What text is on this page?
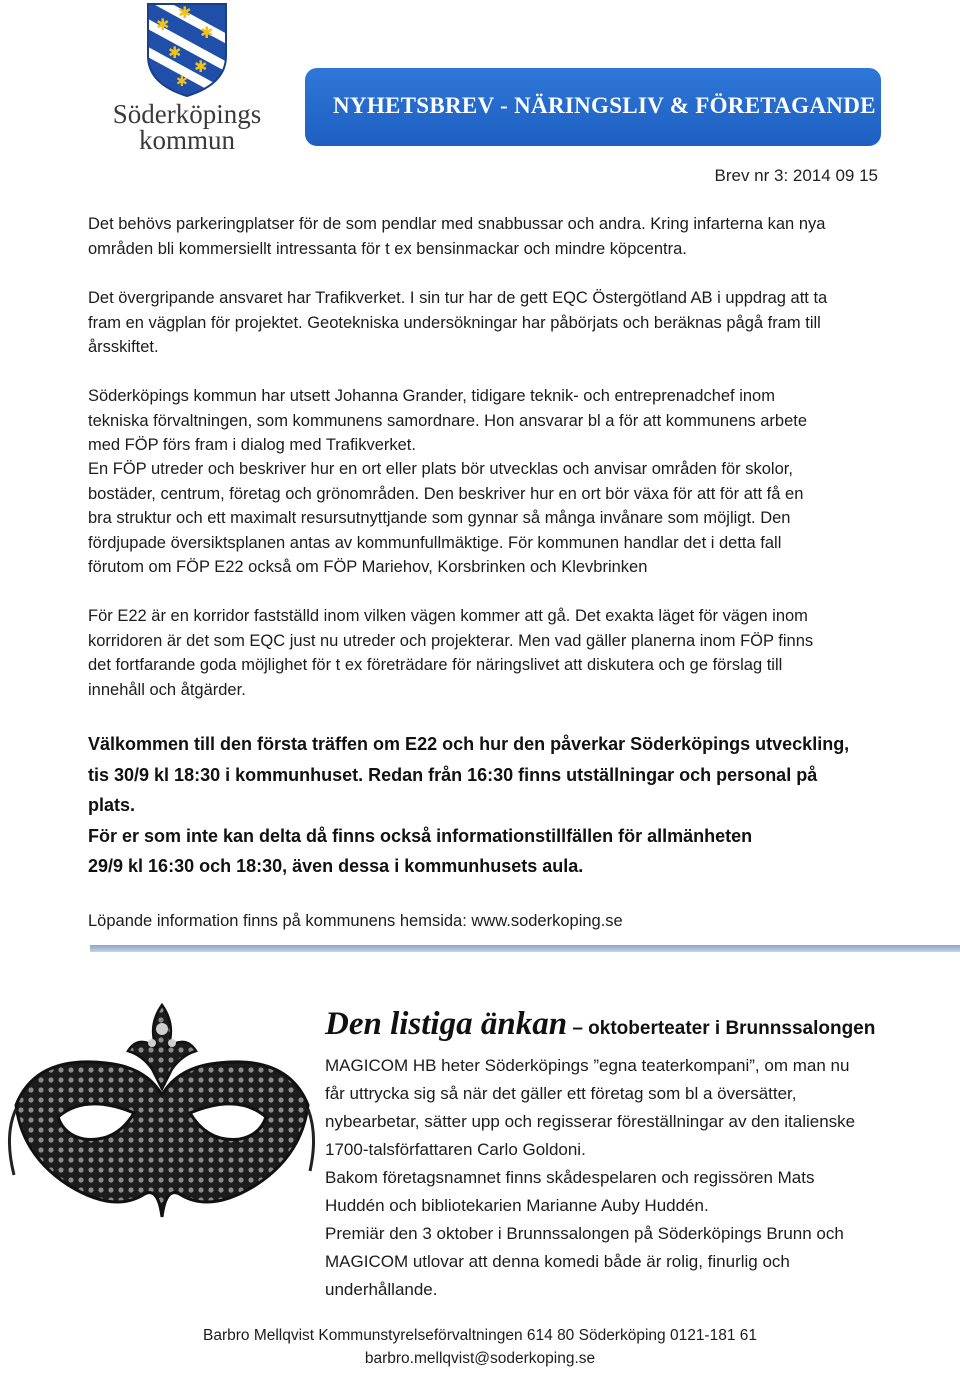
✱
✱
✱
✱
✱
✱
Söderköpings
kommun
NYHETSBREV - NÄRINGSLIV & FÖRETAGANDE
Brev nr 3: 2014 09 15
Det behövs parkeringplatser för de som pendlar med snabbussar och andra. Kring infarterna kan nya
områden bli kommersiellt intressanta för t ex bensinmackar och mindre köpcentra.
Det övergripande ansvaret har Trafikverket. I sin tur har de gett EQC Östergötland AB i uppdrag att ta
fram en vägplan för projektet. Geotekniska undersökningar har påbörjats och beräknas pågå fram till
årsskiftet.
Söderköpings kommun har utsett Johanna Grander, tidigare teknik- och entreprenadchef inom
tekniska förvaltningen, som kommunens samordnare. Hon ansvarar bl a för att kommunens arbete
med FÖP förs fram i dialog med Trafikverket.
En FÖP utreder och beskriver hur en ort eller plats bör utvecklas och anvisar områden för skolor,
bostäder, centrum, företag och grönområden. Den beskriver hur en ort bör växa för att för att få en
bra struktur och ett maximalt resursutnyttjande som gynnar så många invånare som möjligt. Den
fördjupade översiktsplanen antas av kommunfullmäktige. För kommunen handlar det i detta fall
förutom om FÖP E22 också om FÖP Mariehov, Korsbrinken och Klevbrinken
För E22 är en korridor fastställd inom vilken vägen kommer att gå. Det exakta läget för vägen inom
korridoren är det som EQC just nu utreder och projekterar. Men vad gäller planerna inom FÖP finns
det fortfarande goda möjlighet för t ex företrädare för näringslivet att diskutera och ge förslag till
innehåll och åtgärder.
Välkommen till den första träffen om E22 och hur den påverkar Söderköpings utveckling,
tis 30/9 kl 18:30 i kommunhuset. Redan från 16:30 finns utställningar och personal på
plats.
För er som inte kan delta då finns också informationstillfällen för allmänheten
29/9 kl 16:30 och 18:30, även dessa i kommunhusets aula.
Löpande information finns på kommunens hemsida: www.soderkoping.se
Den listiga änkan – oktoberteater i Brunnssalongen
MAGICOM HB heter Söderköpings ”egna teaterkompani”, om man nu
får uttrycka sig så när det gäller ett företag som bl a översätter,
nybearbetar, sätter upp och regisserar föreställningar av den italienske
1700-talsförfattaren Carlo Goldoni.
Bakom företagsnamnet finns skådespelaren och regissören Mats
Huddén och bibliotekarien Marianne Auby Huddén.
Premiär den 3 oktober i Brunnssalongen på Söderköpings Brunn och
MAGICOM utlovar att denna komedi både är rolig, finurlig och
underhållande.
Barbro Mellqvist Kommunstyrelseförvaltningen 614 80 Söderköping 0121-181 61
barbro.mellqvist@soderkoping.se
